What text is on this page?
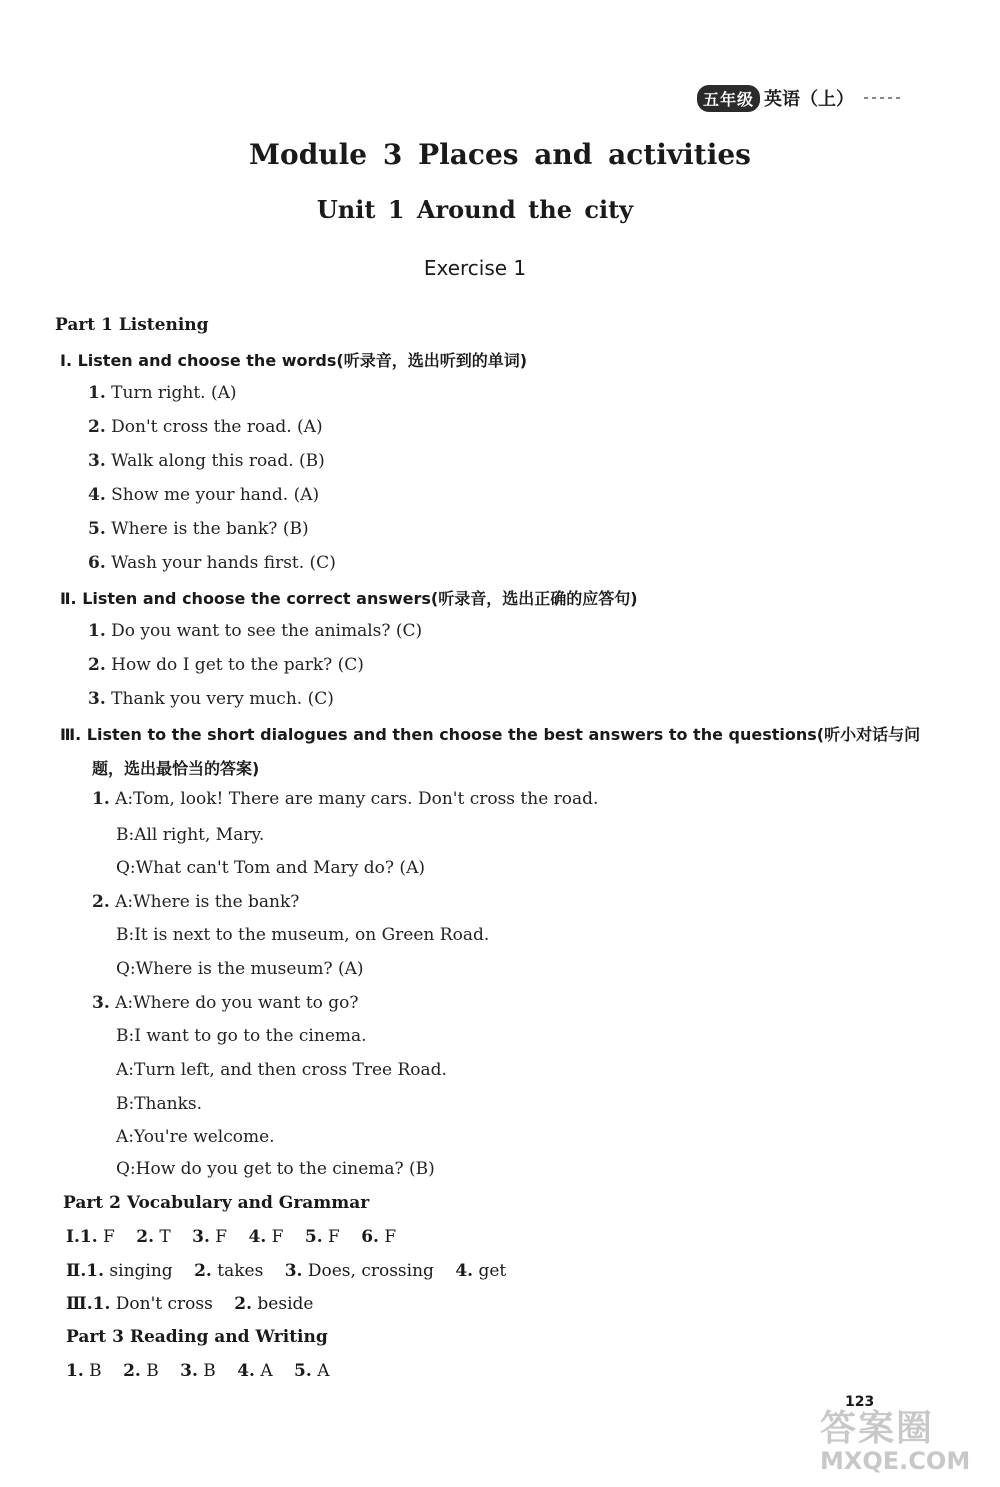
五年级 英语（上）
Module 3 Places and activities
Unit 1 Around the city
Exercise 1
Part 1 Listening
Ⅰ. Listen and choose the words(听录音，选出听到的单词)
1. Turn right. (A)
2. Don't cross the road. (A)
3. Walk along this road. (B)
4. Show me your hand. (A)
5. Where is the bank? (B)
6. Wash your hands first. (C)
Ⅱ. Listen and choose the correct answers(听录音，选出正确的应答句)
1. Do you want to see the animals? (C)
2. How do I get to the park? (C)
3. Thank you very much. (C)
Ⅲ. Listen to the short dialogues and then choose the best answers to the questions(听小对话与问
题，选出最恰当的答案)
1. A:Tom, look! There are many cars. Don't cross the road.
B:All right, Mary.
Q:What can't Tom and Mary do? (A)
2. A:Where is the bank?
B:It is next to the museum, on Green Road.
Q:Where is the museum? (A)
3. A:Where do you want to go?
B:I want to go to the cinema.
A:Turn left, and then cross Tree Road.
B:Thanks.
A:You're welcome.
Q:How do you get to the cinema? (B)
Part 2 Vocabulary and Grammar
Ⅰ.1. F 2. T 3. F 4. F 5. F 6. F
Ⅱ.1. singing 2. takes 3. Does, crossing 4. get
Ⅲ.1. Don't cross 2. beside
Part 3 Reading and Writing
1. B 2. B 3. B 4. A 5. A
123
答案圈
MXQE.COM
